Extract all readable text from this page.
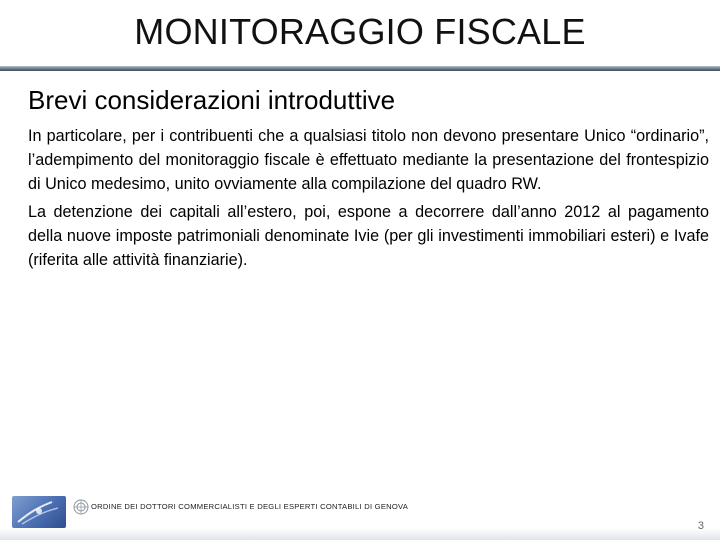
MONITORAGGIO FISCALE
Brevi considerazioni introduttive

In particolare, per i contribuenti che a qualsiasi titolo non devono presentare Unico “ordinario”, l’adempimento del monitoraggio fiscale è effettuato mediante la presentazione del frontespizio di Unico medesimo, unito ovviamente alla compilazione del quadro RW.

La detenzione dei capitali all’estero, poi, espone a decorrere dall’anno 2012 al pagamento della nuove imposte patrimoniali denominate Ivie (per gli investimenti immobiliari esteri) e Ivafe (riferita alle attività finanziarie).

ORDINE DEI DOTTORI COMMERCIALISTI E DEGLI ESPERTI CONTABILI DI GENOVA
3
